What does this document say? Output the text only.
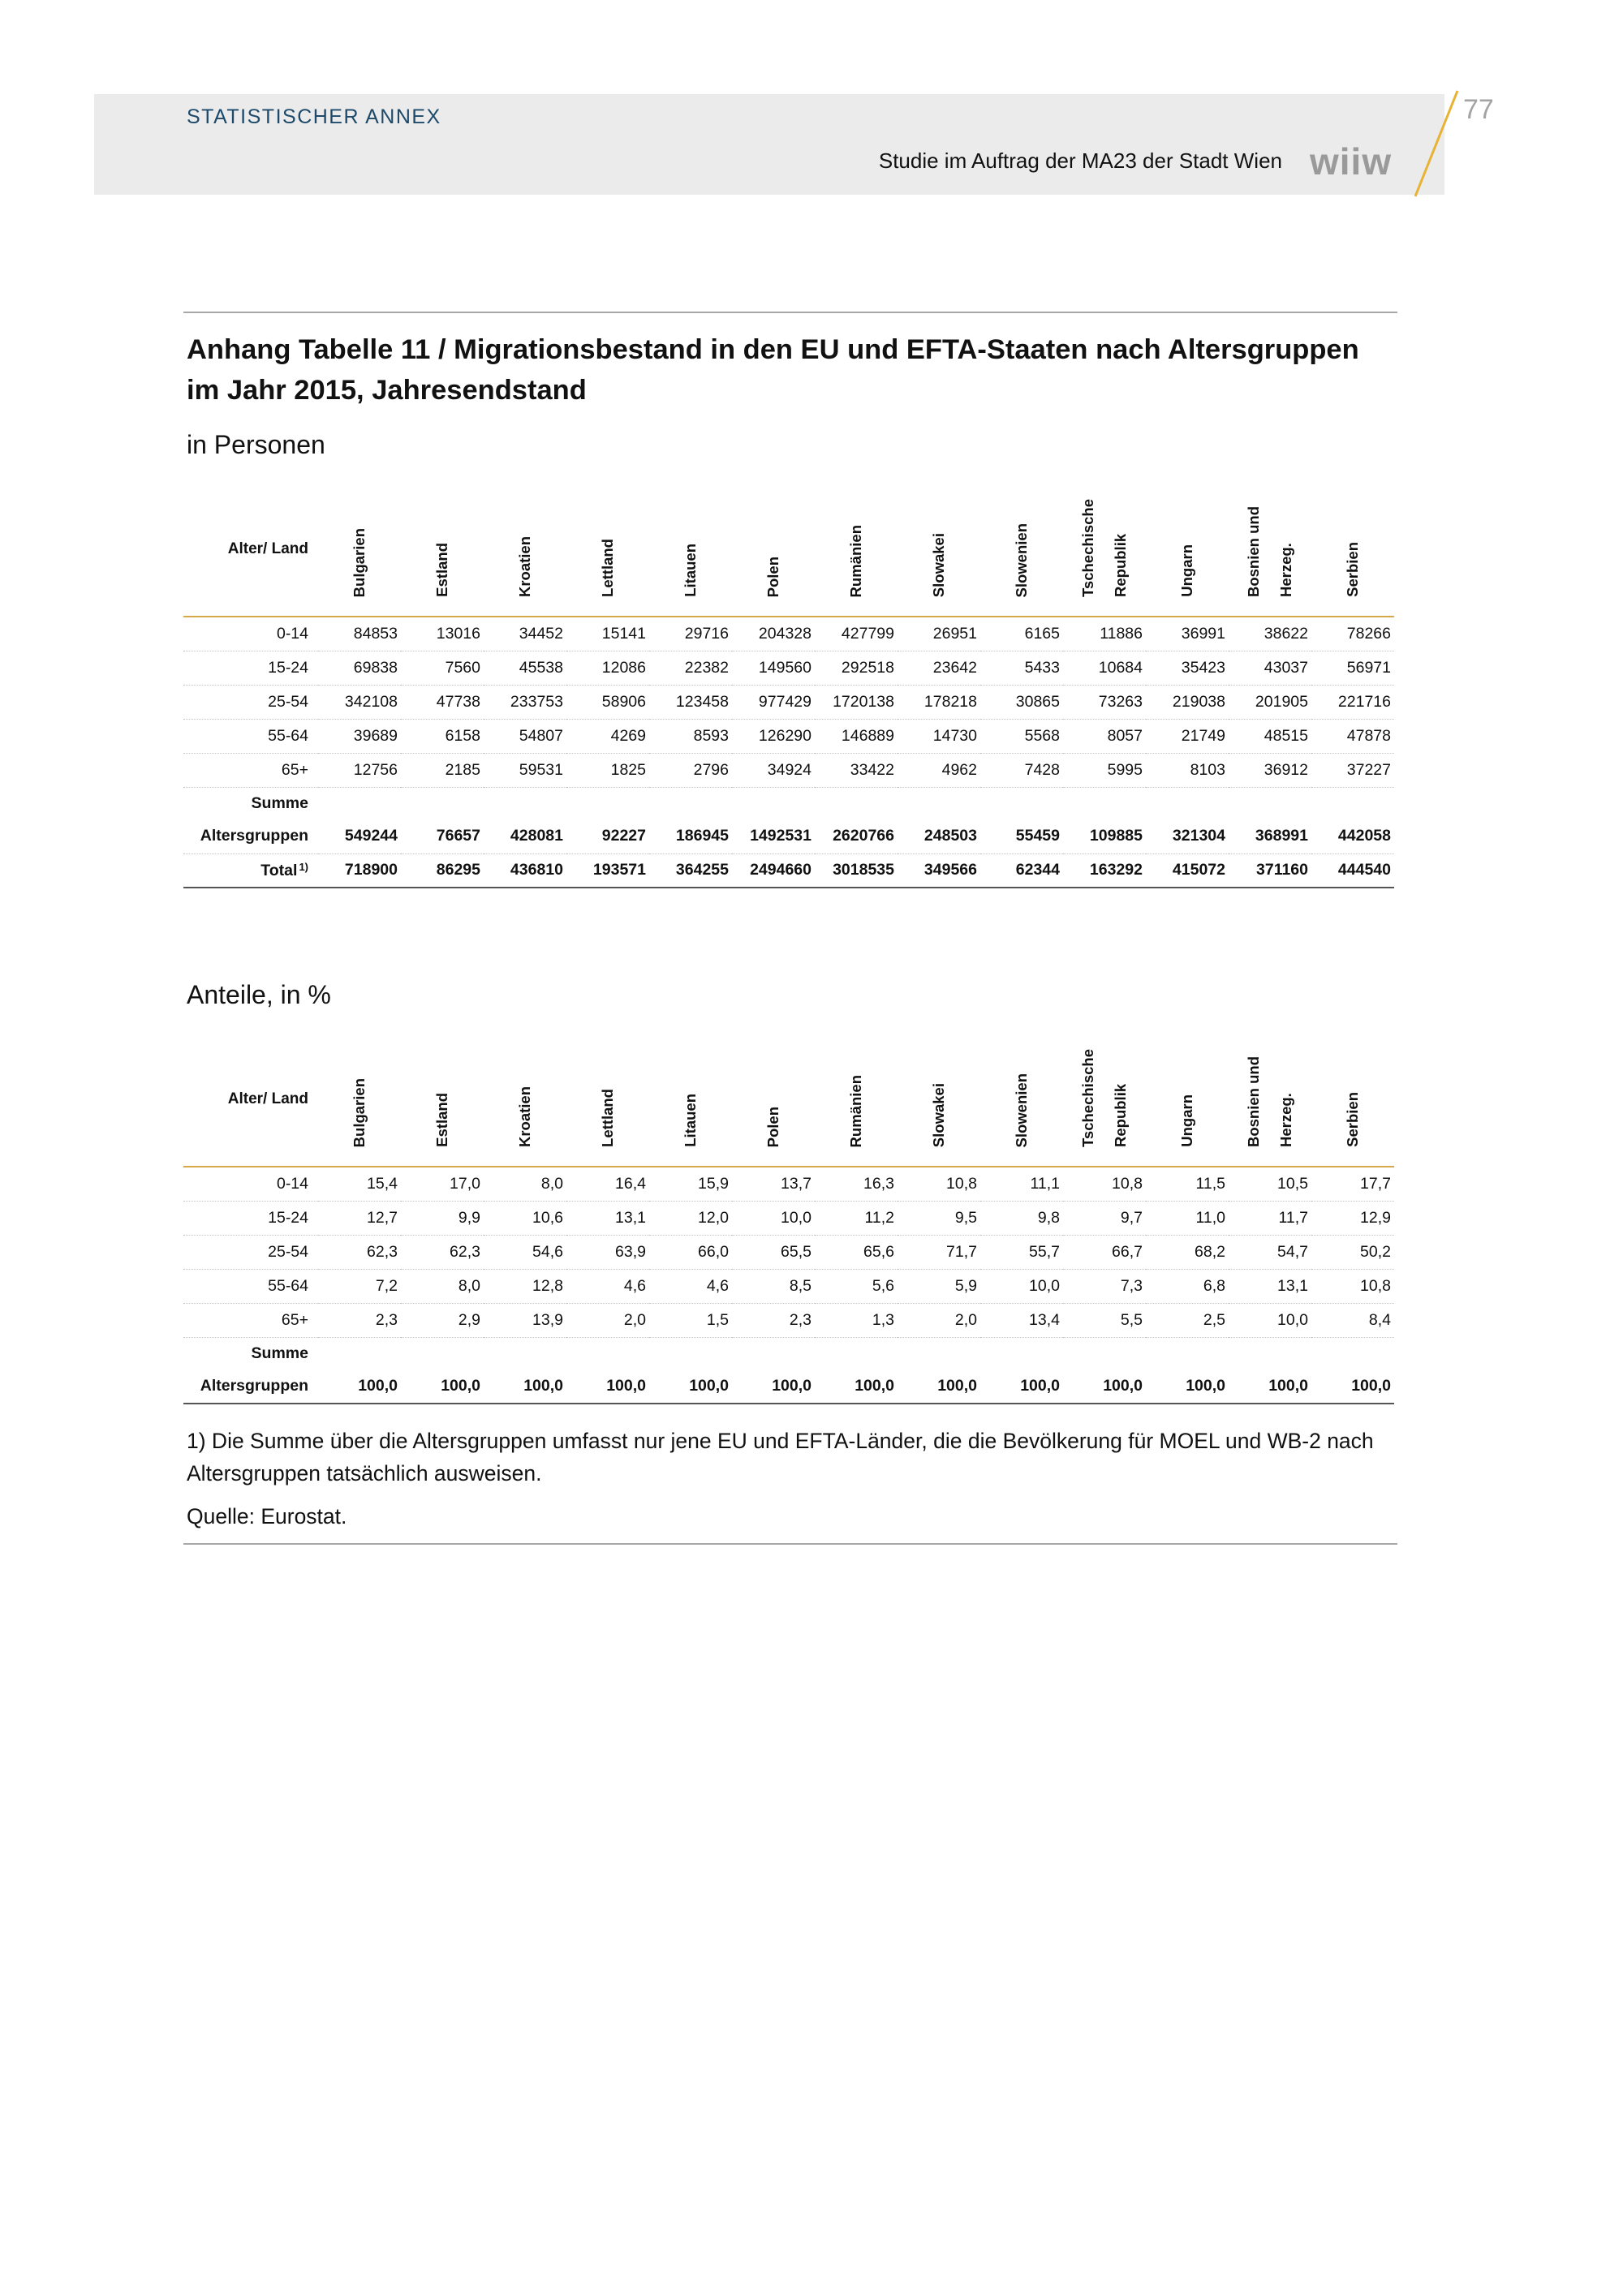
STATISTISCHER ANNEX
Studie im Auftrag der MA23 der Stadt Wien wiiw
77
Anhang Tabelle 11 / Migrationsbestand in den EU und EFTA-Staaten nach Altersgruppen im Jahr 2015, Jahresendstand
in Personen
Alter/ Land	Bulgarien	Estland	Kroatien	Lettland	Litauen	Polen	Rumänien	Slowakei	Slowenien	Tschechische Republik	Ungarn	Bosnien und Herzeg.	Serbien
0-14	84853	13016	34452	15141	29716	204328	427799	26951	6165	11886	36991	38622	78266
15-24	69838	7560	45538	12086	22382	149560	292518	23642	5433	10684	35423	43037	56971
25-54	342108	47738	233753	58906	123458	977429	1720138	178218	30865	73263	219038	201905	221716
55-64	39689	6158	54807	4269	8593	126290	146889	14730	5568	8057	21749	48515	47878
65+	12756	2185	59531	1825	2796	34924	33422	4962	7428	5995	8103	36912	37227
Summe													
Altersgruppen	549244	76657	428081	92227	186945	1492531	2620766	248503	55459	109885	321304	368991	442058
Total $^{1)}$	718900	86295	436810	193571	364255	2494660	3018535	349566	62344	163292	415072	371160	444540
Anteile, in %
Alter/ Land	Bulgarien	Estland	Kroatien	Lettland	Litauen	Polen	Rumänien	Slowakei	Slowenien	Tschechische Republik	Ungarn	Bosnien und Herzeg.	Serbien
0-14	15,4	17,0	8,0	16,4	15,9	13,7	16,3	10,8	11,1	10,8	11,5	10,5	17,7
15-24	12,7	9,9	10,6	13,1	12,0	10,0	11,2	9,5	9,8	9,7	11,0	11,7	12,9
25-54	62,3	62,3	54,6	63,9	66,0	65,5	65,6	71,7	55,7	66,7	68,2	54,7	50,2
55-64	7,2	8,0	12,8	4,6	4,6	8,5	5,6	5,9	10,0	7,3	6,8	13,1	10,8
65+	2,3	2,9	13,9	2,0	1,5	2,3	1,3	2,0	13,4	5,5	2,5	10,0	8,4
Summe													
Altersgruppen	100,0	100,0	100,0	100,0	100,0	100,0	100,0	100,0	100,0	100,0	100,0	100,0	100,0
1) Die Summe über die Altersgruppen umfasst nur jene EU und EFTA-Länder, die die Bevölkerung für MOEL und WB-2 nach Altersgruppen tatsächlich ausweisen.
Quelle: Eurostat.
